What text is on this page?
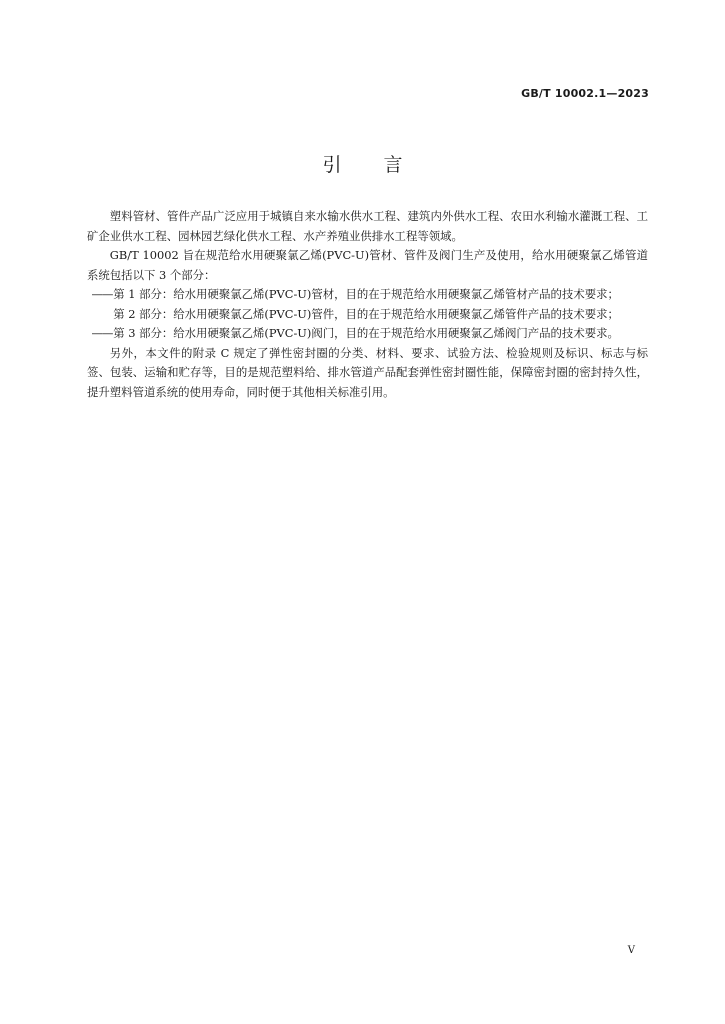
GB/T 10002.1—2023
引言

塑料管材、管件产品广泛应用于城镇自来水输水供水工程、建筑内外供水工程、农田水利输水灌溉工程、工矿企业供水工程、园林园艺绿化供水工程、水产养殖业供排水工程等领域。

GB/T 10002 旨在规范给水用硬聚氯乙烯(PVC-U)管材、管件及阀门生产及使用，给水用硬聚氯乙烯管道系统包括以下 3 个部分：

—— 第 1 部分：给水用硬聚氯乙烯(PVC-U)管材，目的在于规范给水用硬聚氯乙烯管材产品的技术要求；
第 2 部分：给水用硬聚氯乙烯(PVC-U)管件，目的在于规范给水用硬聚氯乙烯管件产品的技术要求；
—— 第 3 部分：给水用硬聚氯乙烯(PVC-U)阀门，目的在于规范给水用硬聚氯乙烯阀门产品的技术要求。

另外，本文件的附录 C 规定了弹性密封圈的分类、材料、要求、试验方法、检验规则及标识、标志与标签、包装、运输和贮存等，目的是规范塑料给、排水管道产品配套弹性密封圈性能，保障密封圈的密封持久性，提升塑料管道系统的使用寿命，同时便于其他相关标准引用。

V
